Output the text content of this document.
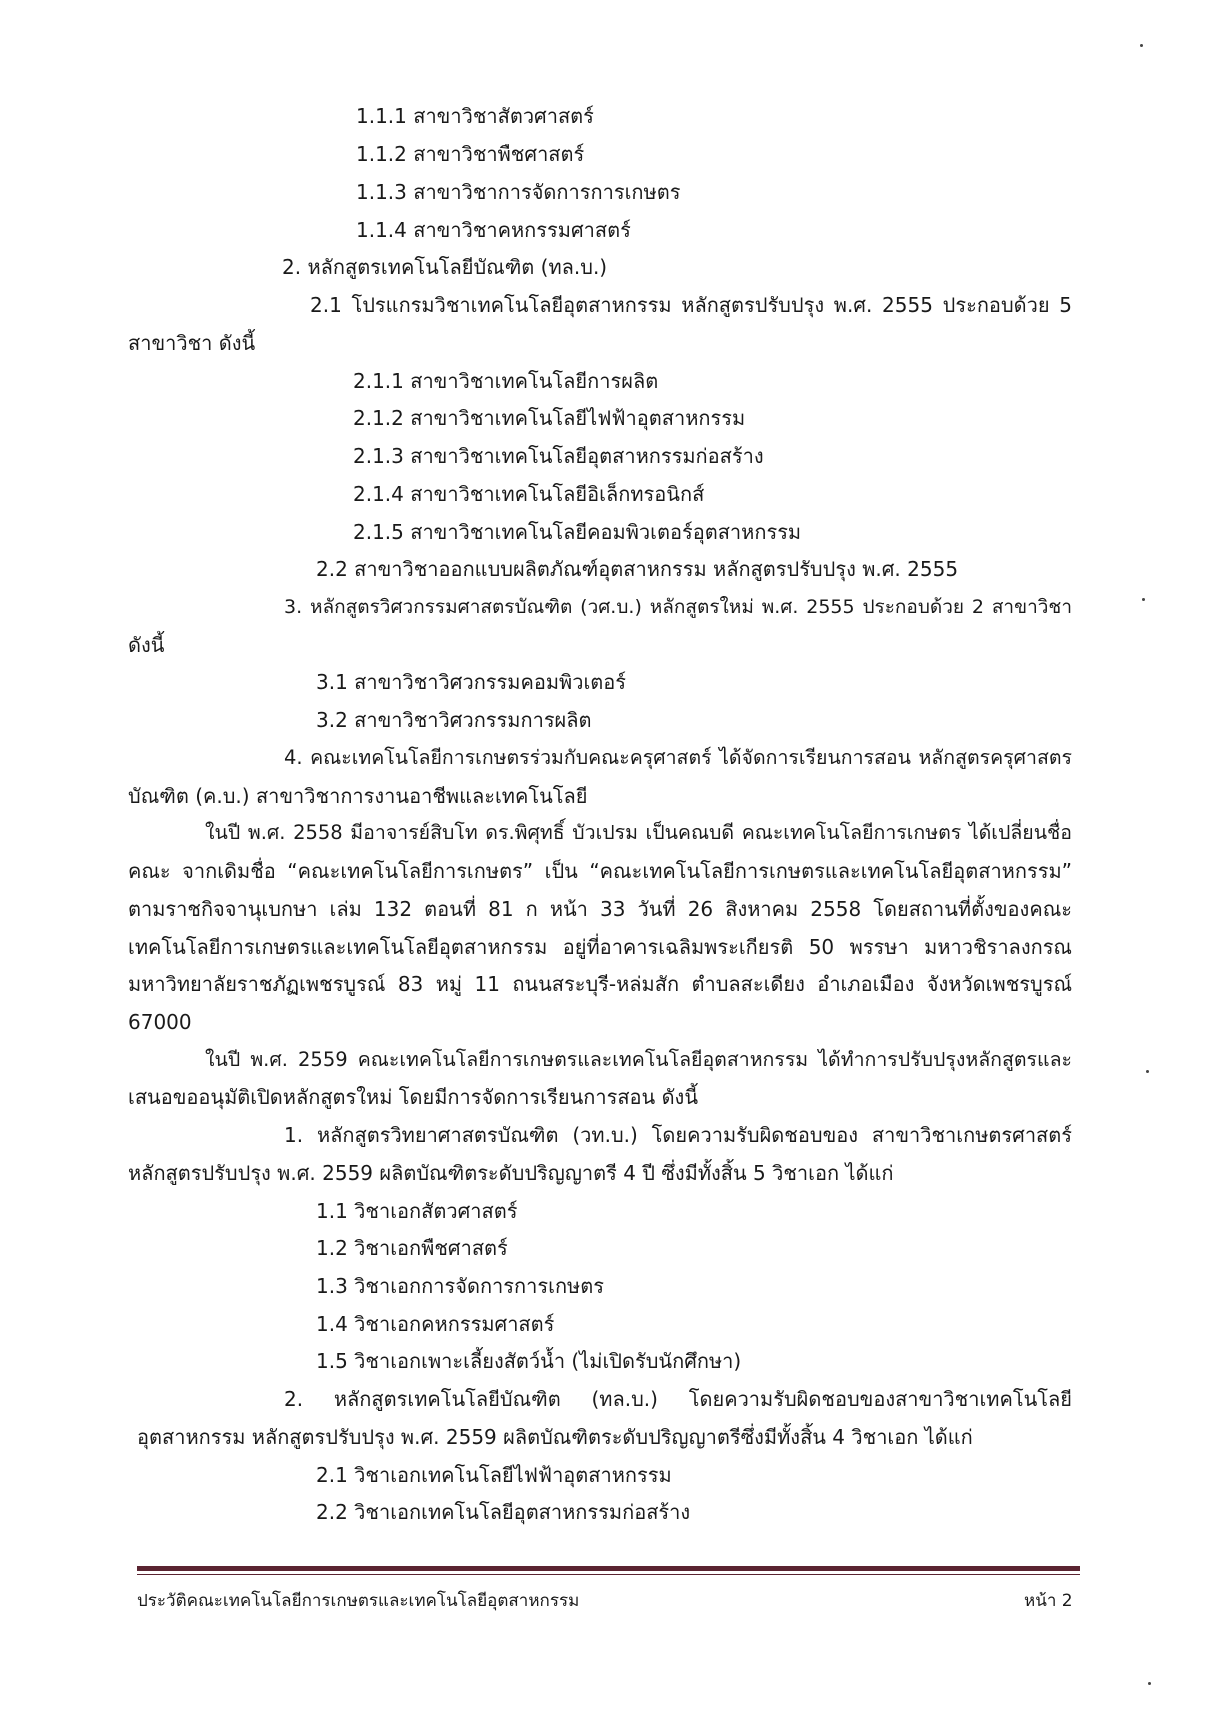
1.1.1 สาขาวิชาสัตวศาสตร์
1.1.2 สาขาวิชาพืชศาสตร์
1.1.3 สาขาวิชาการจัดการการเกษตร
1.1.4 สาขาวิชาคหกรรมศาสตร์
2. หลักสูตรเทคโนโลยีบัณฑิต (ทล.บ.)
2.1 โปรแกรมวิชาเทคโนโลยีอุตสาหกรรม หลักสูตรปรับปรุง พ.ศ. 2555 ประกอบด้วย 5
สาขาวิชา ดังนี้
2.1.1 สาขาวิชาเทคโนโลยีการผลิต
2.1.2 สาขาวิชาเทคโนโลยีไฟฟ้าอุตสาหกรรม
2.1.3 สาขาวิชาเทคโนโลยีอุตสาหกรรมก่อสร้าง
2.1.4 สาขาวิชาเทคโนโลยีอิเล็กทรอนิกส์
2.1.5 สาขาวิชาเทคโนโลยีคอมพิวเตอร์อุตสาหกรรม
2.2 สาขาวิชาออกแบบผลิตภัณฑ์อุตสาหกรรม หลักสูตรปรับปรุง พ.ศ. 2555
3. หลักสูตรวิศวกรรมศาสตรบัณฑิต (วศ.บ.) หลักสูตรใหม่ พ.ศ. 2555 ประกอบด้วย 2 สาขาวิชา
ดังนี้
3.1 สาขาวิชาวิศวกรรมคอมพิวเตอร์
3.2 สาขาวิชาวิศวกรรมการผลิต
4. คณะเทคโนโลยีการเกษตรร่วมกับคณะครุศาสตร์ ได้จัดการเรียนการสอน หลักสูตรครุศาสตร
บัณฑิต (ค.บ.) สาขาวิชาการงานอาชีพและเทคโนโลยี
ในปี พ.ศ. 2558 มีอาจารย์สิบโท ดร.พิศุทธิ์ บัวเปรม เป็นคณบดี คณะเทคโนโลยีการเกษตร ได้เปลี่ยนชื่อ
คณะ จากเดิมชื่อ “คณะเทคโนโลยีการเกษตร” เป็น “คณะเทคโนโลยีการเกษตรและเทคโนโลยีอุตสาหกรรม”
ตามราชกิจจานุเบกษา เล่ม 132 ตอนที่ 81 ก หน้า 33 วันที่ 26 สิงหาคม 2558 โดยสถานที่ตั้งของคณะ
เทคโนโลยีการเกษตรและเทคโนโลยีอุตสาหกรรม อยู่ที่อาคารเฉลิมพระเกียรติ 50 พรรษา มหาวชิราลงกรณ
มหาวิทยาลัยราชภัฏเพชรบูรณ์ 83 หมู่ 11 ถนนสระบุรี-หล่มสัก ตำบลสะเดียง อำเภอเมือง จังหวัดเพชรบูรณ์
67000
ในปี พ.ศ. 2559 คณะเทคโนโลยีการเกษตรและเทคโนโลยีอุตสาหกรรม ได้ทำการปรับปรุงหลักสูตรและ
เสนอขออนุมัติเปิดหลักสูตรใหม่ โดยมีการจัดการเรียนการสอน ดังนี้
1. หลักสูตรวิทยาศาสตรบัณฑิต (วท.บ.) โดยความรับผิดชอบของ สาขาวิชาเกษตรศาสตร์
หลักสูตรปรับปรุง พ.ศ. 2559 ผลิตบัณฑิตระดับปริญญาตรี 4 ปี ซึ่งมีทั้งสิ้น 5 วิชาเอก ได้แก่
1.1 วิชาเอกสัตวศาสตร์
1.2 วิชาเอกพืชศาสตร์
1.3 วิชาเอกการจัดการการเกษตร
1.4 วิชาเอกคหกรรมศาสตร์
1.5 วิชาเอกเพาะเลี้ยงสัตว์น้ำ (ไม่เปิดรับนักศึกษา)
2. หลักสูตรเทคโนโลยีบัณฑิต (ทล.บ.) โดยความรับผิดชอบของสาขาวิชาเทคโนโลยี
อุตสาหกรรม หลักสูตรปรับปรุง พ.ศ. 2559 ผลิตบัณฑิตระดับปริญญาตรีซึ่งมีทั้งสิ้น 4 วิชาเอก ได้แก่
2.1 วิชาเอกเทคโนโลยีไฟฟ้าอุตสาหกรรม
2.2 วิชาเอกเทคโนโลยีอุตสาหกรรมก่อสร้าง
ประวัติคณะเทคโนโลยีการเกษตรและเทคโนโลยีอุตสาหกรรม	หน้า 2
